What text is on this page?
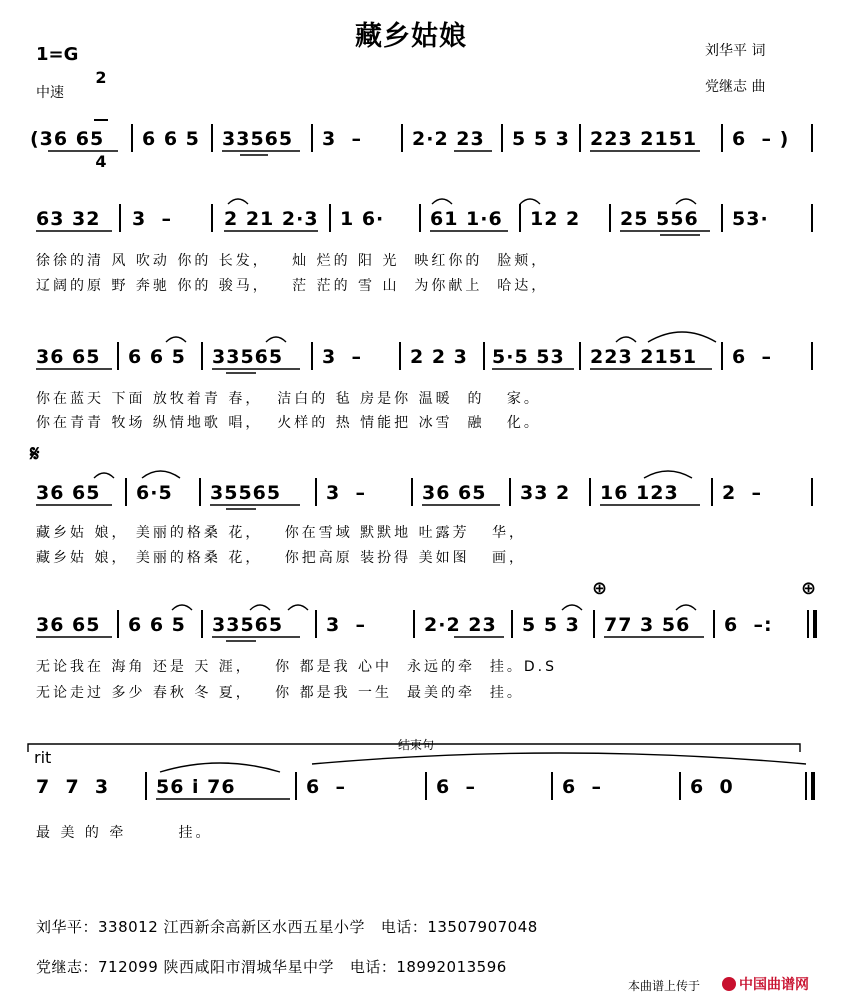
藏乡姑娘
1=G

2

4

中速
刘华平 词
党继志 曲
(36 65 6 6 5 33565 3  –	2·2 23 5 5 3 223 2151 6  – )
63 32 3  –	2 21 2·3 1 6· 61 1·6 12 2 25 556 53·
徐徐的清 风 吹动 你的 长发，   灿 烂的 阳 光  映红你的  脸颊，
辽阔的原 野 奔驰 你的 骏马，   茫 茫的 雪 山  为你献上  哈达，
36 65 6 6 5 33565 3  –	2 2 3 5·5 53 223 2151 6  –
你在蓝天 下面 放牧着青 春，  洁白的 毡 房是你 温暖  的   家。
你在青青 牧场 纵情地歌 唱，  火样的 热 情能把 冰雪  融   化。
𝄋
36 65 6·5 35565 3  –	36 65 33 2 16 123 2  –
藏乡姑 娘， 美丽的格桑 花，   你在雪域 默默地 吐露芳   华，
藏乡姑 娘， 美丽的格桑 花，   你把高原 装扮得 美如图   画，
⊕	⊕
36 65 6 6 5 33565 3  –	2·2 23 5 5 3 77 3 56 6  –:
无论我在 海角 还是 天 涯，   你 都是我 心中  永远的牵  挂。D.S
无论走过 多少 春秋 冬 夏，   你 都是我 一生  最美的牵  挂。
rit
结束句
7  7  3 56 i 76	6  –	6  –	6  –	6  0
最 美 的 牵       挂。
刘华平：338012 江西新余高新区水西五星小学   电话：13507907048
党继志：712099 陕西咸阳市渭城华星中学   电话：18992013596
本曲谱上传于	中国曲谱网
